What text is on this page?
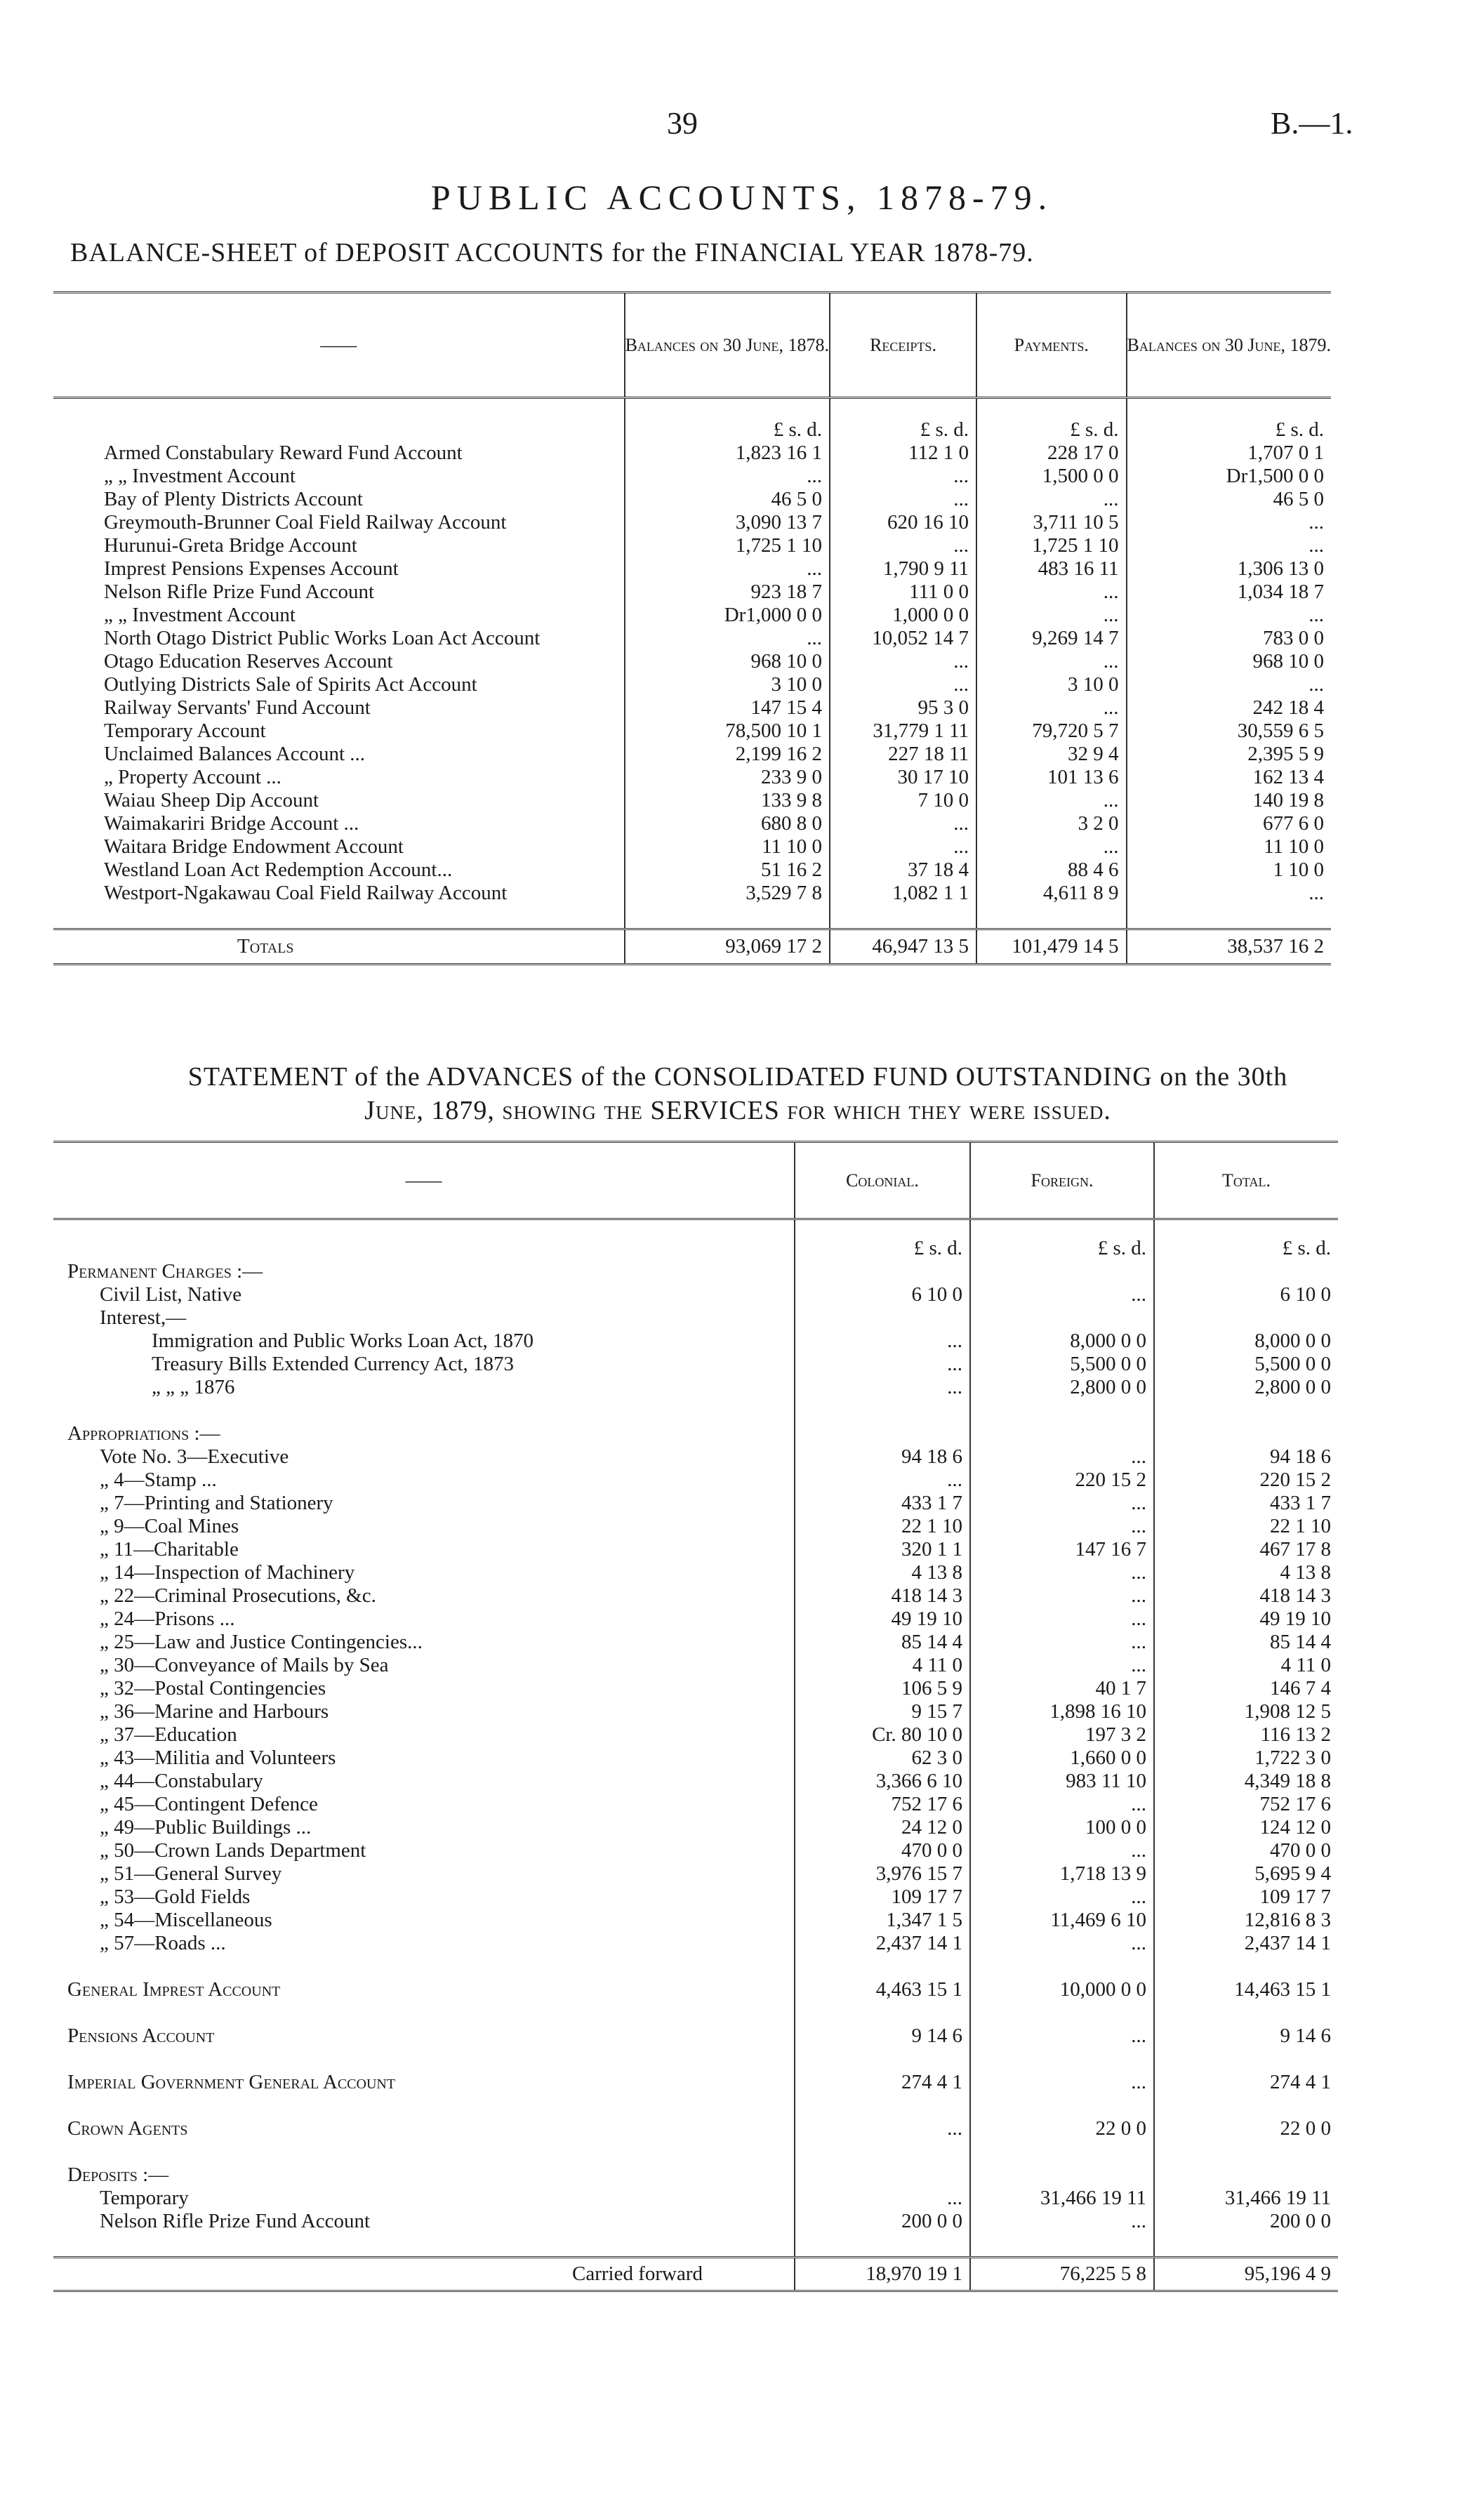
39	B.—1.
PUBLIC ACCOUNTS, 1878-79.
BALANCE-SHEET of DEPOSIT ACCOUNTS for the FINANCIAL YEAR 1878-79.
——	Balances on 30 June, 1878.	Receipts.	Payments.	Balances on 30 June, 1879.
	£ s. d.	£ s. d.	£ s. d.	£ s. d.
Armed Constabulary Reward Fund Account	1,823 16 1	112 1 0	228 17 0	1,707 0 1
„ „ Investment Account	...	...	1,500 0 0	Dr1,500 0 0
Bay of Plenty Districts Account	46 5 0	...	...	46 5 0
Greymouth-Brunner Coal Field Railway Account	3,090 13 7	620 16 10	3,711 10 5	...
Hurunui-Greta Bridge Account	1,725 1 10	...	1,725 1 10	...
Imprest Pensions Expenses Account	...	1,790 9 11	483 16 11	1,306 13 0
Nelson Rifle Prize Fund Account	923 18 7	111 0 0	...	1,034 18 7
„ „ Investment Account	Dr1,000 0 0	1,000 0 0	...	...
North Otago District Public Works Loan Act Account	...	10,052 14 7	9,269 14 7	783 0 0
Otago Education Reserves Account	968 10 0	...	...	968 10 0
Outlying Districts Sale of Spirits Act Account	3 10 0	...	3 10 0	...
Railway Servants' Fund Account	147 15 4	95 3 0	...	242 18 4
Temporary Account	78,500 10 1	31,779 1 11	79,720 5 7	30,559 6 5
Unclaimed Balances Account ...	2,199 16 2	227 18 11	32 9 4	2,395 5 9
„ Property Account ...	233 9 0	30 17 10	101 13 6	162 13 4
Waiau Sheep Dip Account	133 9 8	7 10 0	...	140 19 8
Waimakariri Bridge Account ...	680 8 0	...	3 2 0	677 6 0
Waitara Bridge Endowment Account	11 10 0	...	...	11 10 0
Westland Loan Act Redemption Account...	51 16 2	37 18 4	88 4 6	1 10 0
Westport-Ngakawau Coal Field Railway Account	3,529 7 8	1,082 1 1	4,611 8 9	...

Totals	93,069 17 2	46,947 13 5	101,479 14 5	38,537 16 2
STATEMENT of the ADVANCES of the CONSOLIDATED FUND OUTSTANDING on the 30th
June, 1879, showing the SERVICES for which they were issued.
——	Colonial.	Foreign.	Total.
	£ s. d.	£ s. d.	£ s. d.
Permanent Charges :—			
Civil List, Native	6 10 0	...	6 10 0
Interest,—			
Immigration and Public Works Loan Act, 1870	...	8,000 0 0	8,000 0 0
Treasury Bills Extended Currency Act, 1873	...	5,500 0 0	5,500 0 0
„ „ „ 1876	...	2,800 0 0	2,800 0 0

Appropriations :—			
Vote No. 3—Executive	94 18 6	...	94 18 6
„ 4—Stamp ...	...	220 15 2	220 15 2
„ 7—Printing and Stationery	433 1 7	...	433 1 7
„ 9—Coal Mines	22 1 10	...	22 1 10
„ 11—Charitable	320 1 1	147 16 7	467 17 8
„ 14—Inspection of Machinery	4 13 8	...	4 13 8
„ 22—Criminal Prosecutions, &c.	418 14 3	...	418 14 3
„ 24—Prisons ...	49 19 10	...	49 19 10
„ 25—Law and Justice Contingencies...	85 14 4	...	85 14 4
„ 30—Conveyance of Mails by Sea	4 11 0	...	4 11 0
„ 32—Postal Contingencies	106 5 9	40 1 7	146 7 4
„ 36—Marine and Harbours	9 15 7	1,898 16 10	1,908 12 5
„ 37—Education	Cr. 80 10 0	197 3 2	116 13 2
„ 43—Militia and Volunteers	62 3 0	1,660 0 0	1,722 3 0
„ 44—Constabulary	3,366 6 10	983 11 10	4,349 18 8
„ 45—Contingent Defence	752 17 6	...	752 17 6
„ 49—Public Buildings ...	24 12 0	100 0 0	124 12 0
„ 50—Crown Lands Department	470 0 0	...	470 0 0
„ 51—General Survey	3,976 15 7	1,718 13 9	5,695 9 4
„ 53—Gold Fields	109 17 7	...	109 17 7
„ 54—Miscellaneous	1,347 1 5	11,469 6 10	12,816 8 3
„ 57—Roads ...	2,437 14 1	...	2,437 14 1

General Imprest Account	4,463 15 1	10,000 0 0	14,463 15 1

Pensions Account	9 14 6	...	9 14 6

Imperial Government General Account	274 4 1	...	274 4 1

Crown Agents	...	22 0 0	22 0 0

Deposits :—			
Temporary	...	31,466 19 11	31,466 19 11
Nelson Rifle Prize Fund Account	200 0 0	...	200 0 0

Carried forward	18,970 19 1	76,225 5 8	95,196 4 9
